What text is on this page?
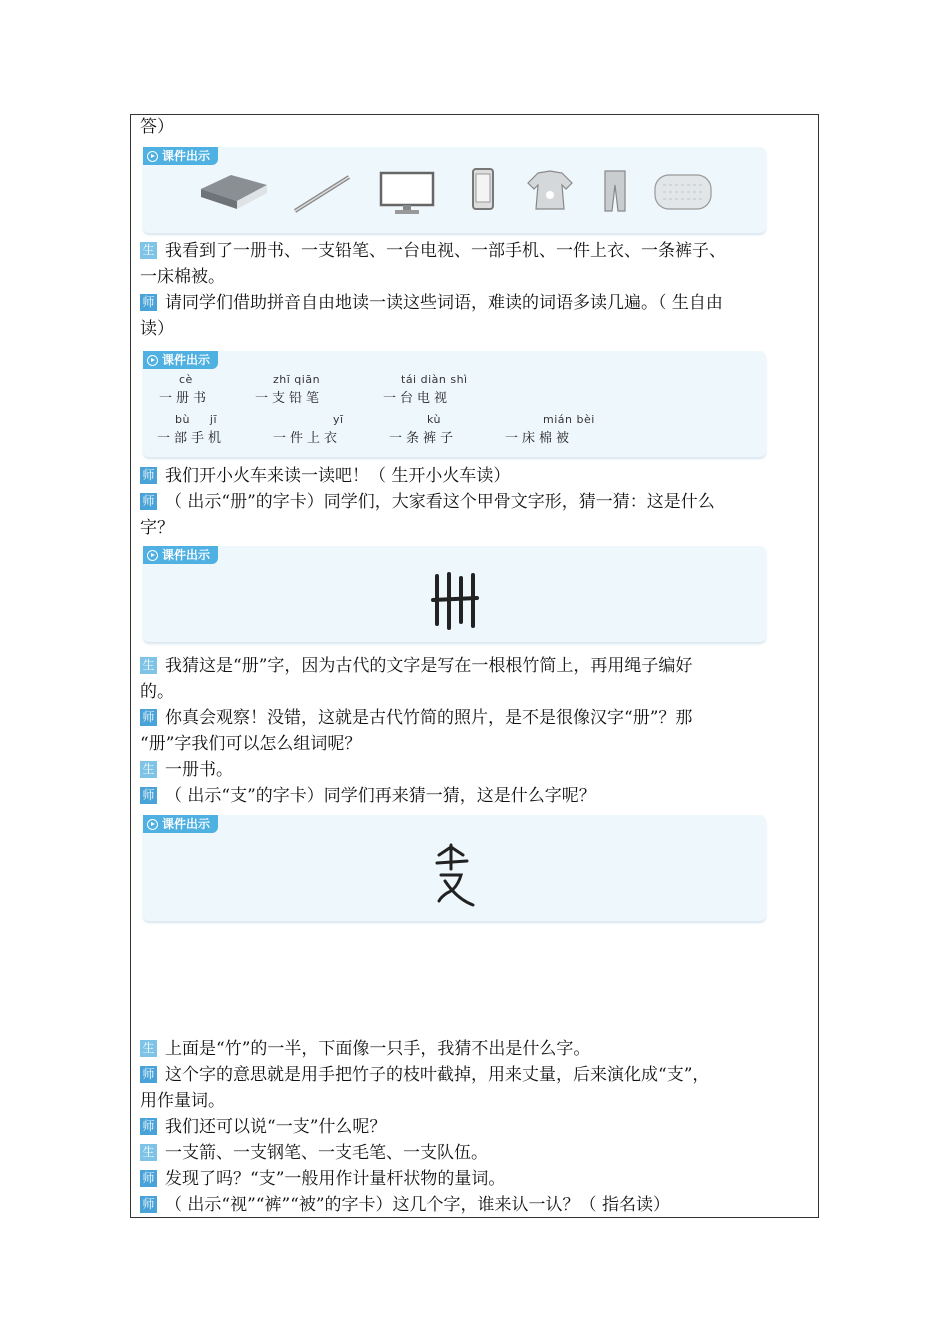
答）
课件出示
生 我看到了一册书、一支铅笔、一台电视、一部手机、一件上衣、一条裤子、
一床棉被。
师 请同学们借助拼音自由地读一读这些词语，难读的词语多读几遍。（ 生自由
读）
课件出示
cè
一册书
zhī qiān
一支铅笔
tái diàn shì
一台电视
bù     jī
一部手机
yī
一件上衣
kù
一条裤子
mián bèi
一床棉被
师 我们开小火车来读一读吧！（ 生开小火车读）
师 （ 出示“册”的字卡）同学们，大家看这个甲骨文字形，猜一猜：这是什么
字？
课件出示
生 我猜这是“册”字，因为古代的文字是写在一根根竹简上，再用绳子编好
的。
师 你真会观察！没错，这就是古代竹简的照片，是不是很像汉字“册”？那
“册”字我们可以怎么组词呢？
生 一册书。
师 （ 出示“支”的字卡）同学们再来猜一猜，这是什么字呢？
课件出示
生 上面是“竹”的一半，下面像一只手，我猜不出是什么字。
师 这个字的意思就是用手把竹子的枝叶截掉，用来丈量，后来演化成“支”，
用作量词。
师 我们还可以说“一支”什么呢？
生 一支箭、一支钢笔、一支毛笔、一支队伍。
师 发现了吗？“支”一般用作计量杆状物的量词。
师 （ 出示“视”“裤”“被”的字卡）这几个字，谁来认一认？（ 指名读）
